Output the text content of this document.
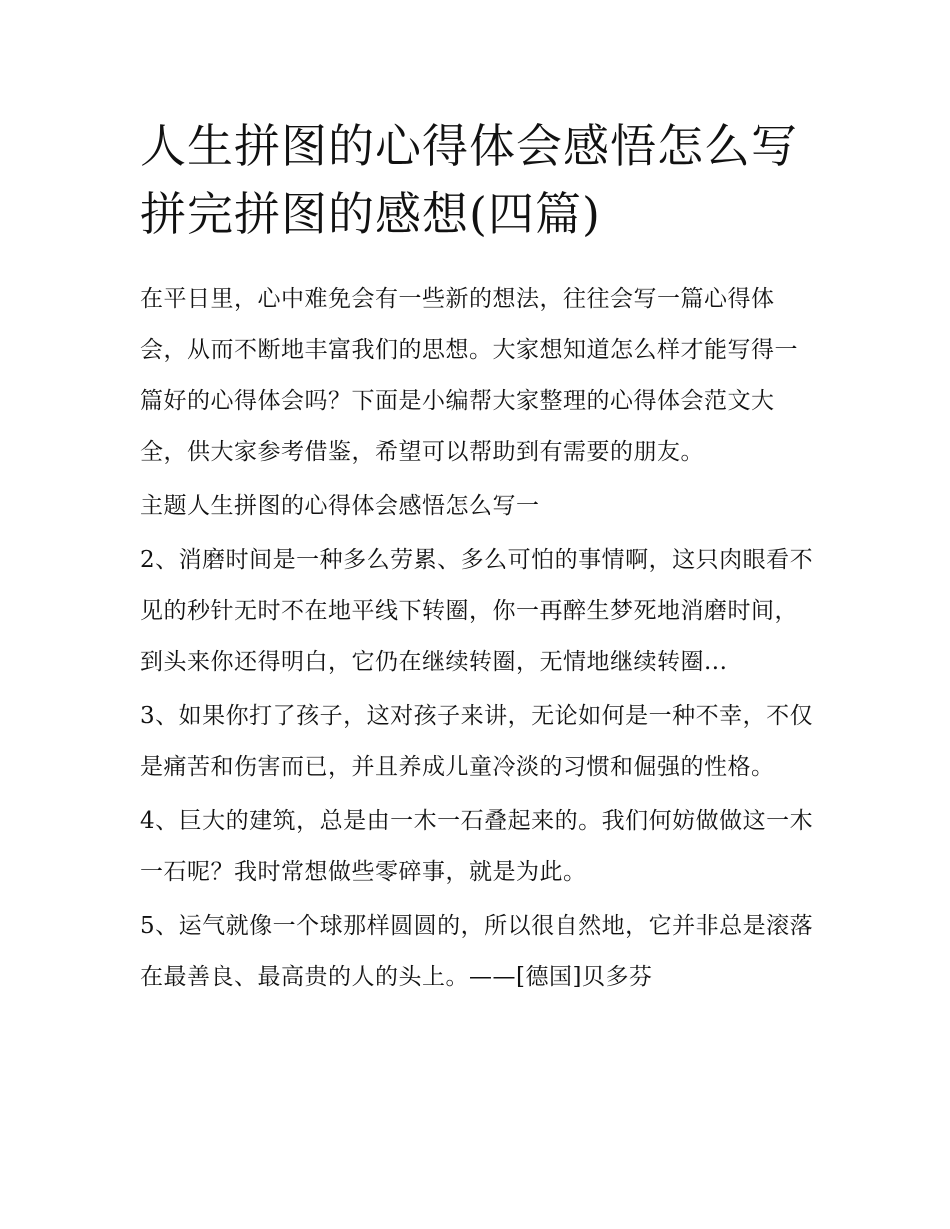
人生拼图的心得体会感悟怎么写 拼完拼图的感想(四篇)

在平日里，心中难免会有一些新的想法，往往会写一篇心得体会，从而不断地丰富我们的思想。大家想知道怎么样才能写得一篇好的心得体会吗？下面是小编帮大家整理的心得体会范文大全，供大家参考借鉴，希望可以帮助到有需要的朋友。

主题人生拼图的心得体会感悟怎么写一

2、消磨时间是一种多么劳累、多么可怕的事情啊，这只肉眼看不见的秒针无时不在地平线下转圈，你一再醉生梦死地消磨时间，到头来你还得明白，它仍在继续转圈，无情地继续转圈...

3、如果你打了孩子，这对孩子来讲，无论如何是一种不幸，不仅是痛苦和伤害而已，并且养成儿童冷淡的习惯和倔强的性格。

4、巨大的建筑，总是由一木一石叠起来的。我们何妨做做这一木一石呢？我时常想做些零碎事，就是为此。

5、运气就像一个球那样圆圆的，所以很自然地，它并非总是滚落在最善良、最高贵的人的头上。——[德国]贝多芬
